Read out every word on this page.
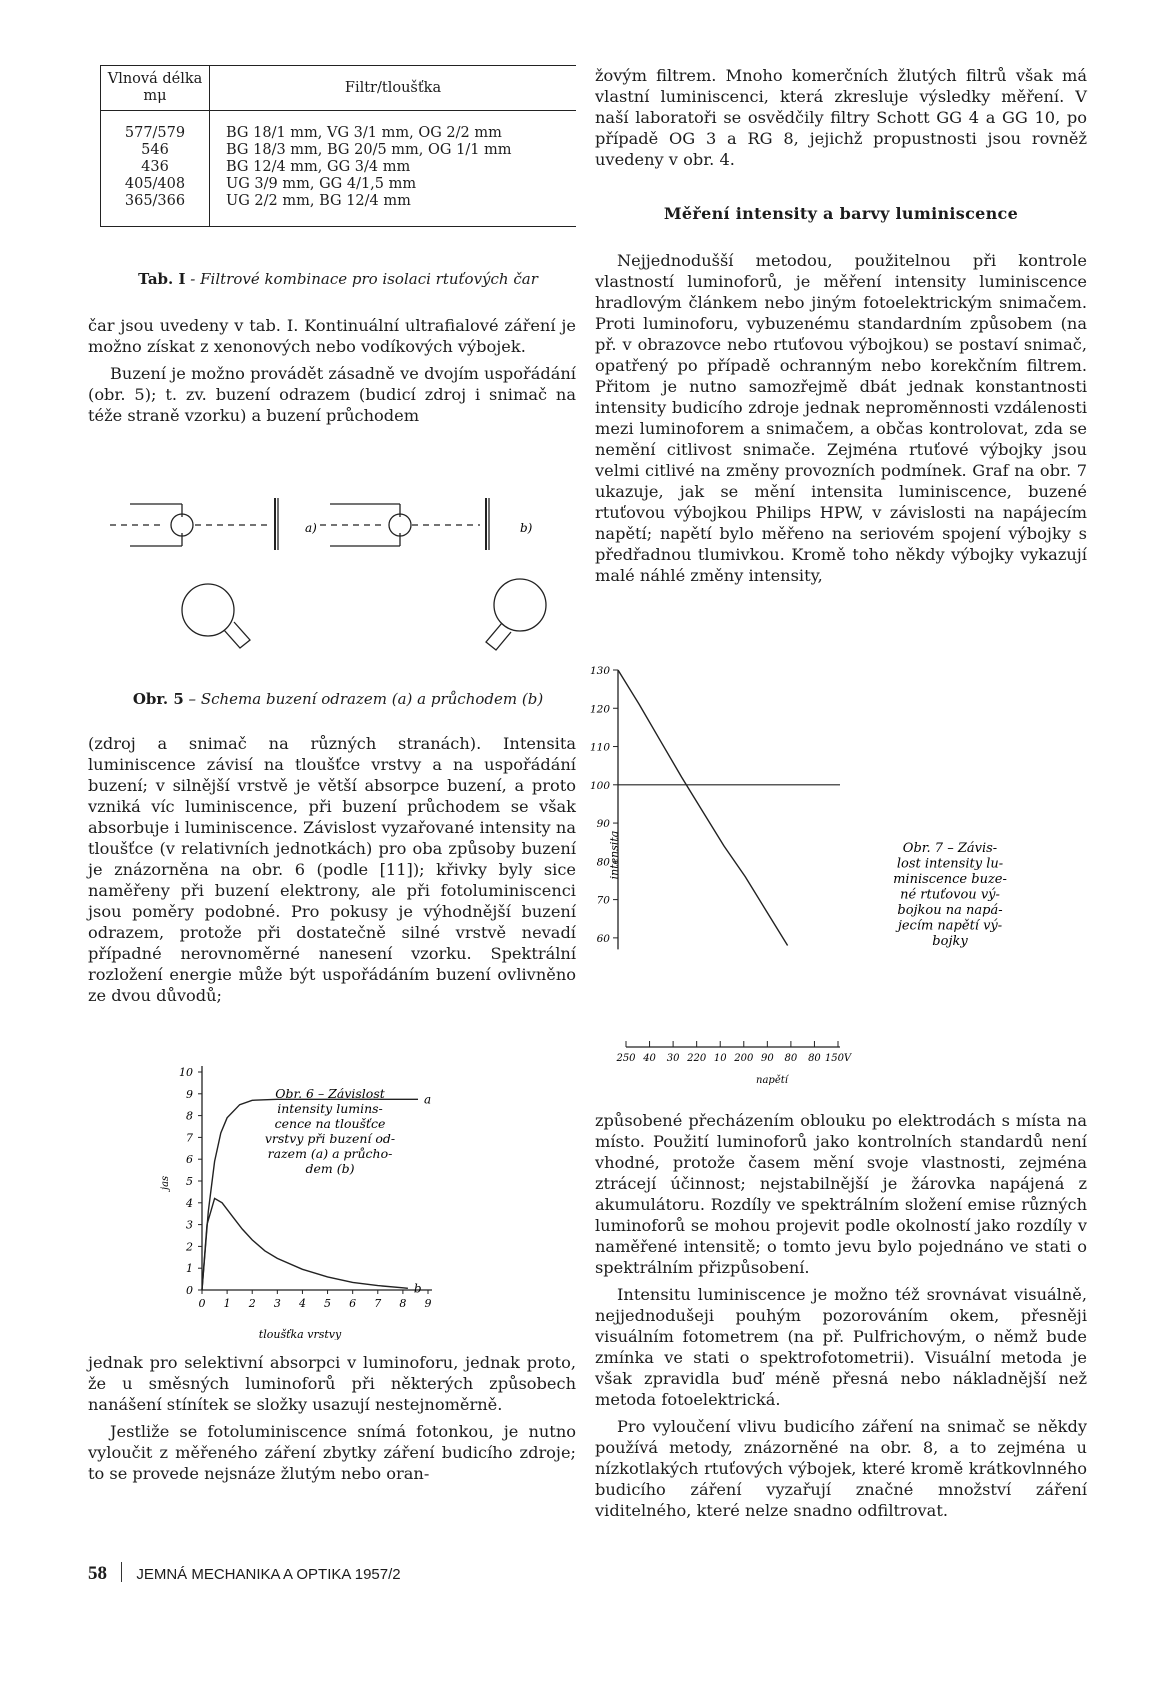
Vlnová délka mμ	Filtr/tloušťka

577/579	BG 18/1 mm, VG 3/1 mm, OG 2/2 mm
546	BG 18/3 mm, BG 20/5 mm, OG 1/1 mm
436	BG 12/4 mm, GG 3/4 mm
405/408	UG 3/9 mm, GG 4/1,5 mm
365/366	UG 2/2 mm, BG 12/4 mm

Tab. I - Filtrové kombinace pro isolaci rtuťových čar

čar jsou uvedeny v tab. I. Kontinuální ultrafialové záření je možno získat z xenonových nebo vodíkových výbojek.

Buzení je možno provádět zásadně ve dvojím uspořádání (obr. 5); t. zv. buzení odrazem (budicí zdroj i snimač na téže straně vzorku) a buzení průchodem

a)	b)
Obr. 5 – Schema buzení odrazem (a) a průchodem (b)

(zdroj a snimač na různých stranách). Intensita luminiscence závisí na tloušťce vrstvy a na uspořádání buzení; v silnější vrstvě je větší absorpce buzení, a proto vzniká víc luminiscence, při buzení průchodem se však absorbuje i luminiscence. Závislost vyzařované intensity na tloušťce (v relativních jednotkách) pro oba způsoby buzení je znázorněna na obr. 6 (podle [11]); křivky byly sice naměřeny při buzení elektrony, ale při fotoluminiscenci jsou poměry podobné. Pro pokusy je výhodnější buzení odrazem, protože při dostatečně silné vrstvě nevadí případné nerovnoměrné nanesení vzorku. Spektrální rozložení energie může být uspořádáním buzení ovlivněno ze dvou důvodů;

jas
tloušťka vrstvy
Obr. 6 – Závislost
intensity lumins-
cence na tloušťce
vrstvy při buzení od-
razem (a) a průcho-
dem (b)
0
1
2
3
4
5
6
7
8
9
10
0 1 2 3 4 5 6 7 8 9
a
b

jednak pro selektivní absorpci v luminoforu, jednak proto, že u směsných luminoforů při některých způsobech nanášení stínítek se složky usazují nestejnoměrně.

Jestliže se fotoluminiscence snímá fotonkou, je nutno vyloučit z měřeného záření zbytky záření budicího zdroje; to se provede nejsnáze žlutým nebo oran-

žovým filtrem. Mnoho komerčních žlutých filtrů však má vlastní luminiscenci, která zkresluje výsledky měření. V naší laboratoři se osvědčily filtry Schott GG 4 a GG 10, po případě OG 3 a RG 8, jejichž propustnosti jsou rovněž uvedeny v obr. 4.

Měření intensity a barvy luminiscence

Nejjednodušší metodou, použitelnou při kontrole vlastností luminoforů, je měření intensity luminiscence hradlovým článkem nebo jiným fotoelektrickým snimačem. Proti luminoforu, vybuzenému standardním způsobem (na př. v obrazovce nebo rtuťovou výbojkou) se postaví snimač, opatřený po případě ochranným nebo korekčním filtrem. Přitom je nutno samozřejmě dbát jednak konstantnosti intensity budicího zdroje jednak neproměnnosti vzdálenosti mezi luminoforem a snimačem, a občas kontrolovat, zda se nemění citlivost snimače. Zejména rtuťové výbojky jsou velmi citlivé na změny provozních podmínek. Graf na obr. 7 ukazuje, jak se mění intensita luminiscence, buzené rtuťovou výbojkou Philips HPW, v závislosti na napájecím napětí; napětí bylo měřeno na seriovém spojení výbojky s předřadnou tlumivkou. Kromě toho někdy výbojky vykazují malé náhlé změny intensity,

intensita
napětí
Obr. 7 – Závis-
lost intensity lu-
miniscence buze-
né rtuťovou vý-
bojkou na napá-
jecím napětí vý-
bojky
60
70
80
90
100
110
120
130
250 40 30 220 10 200 90 80 80 150V

způsobené přecházením oblouku po elektrodách s místa na místo. Použití luminoforů jako kontrolních standardů není vhodné, protože časem mění svoje vlastnosti, zejména ztrácejí účinnost; nejstabilnější je žárovka napájená z akumulátoru. Rozdíly ve spektrálním složení emise různých luminoforů se mohou projevit podle okolností jako rozdíly v naměřené intensitě; o tomto jevu bylo pojednáno ve stati o spektrálním přizpůsobení.

Intensitu luminiscence je možno též srovnávat visuálně, nejjednodušeji pouhým pozorováním okem, přesněji visuálním fotometrem (na př. Pulfrichovým, o němž bude zmínka ve stati o spektrofotometrii). Visuální metoda je však zpravidla buď méně přesná nebo nákladnější než metoda fotoelektrická.

Pro vyloučení vlivu budicího záření na snimač se někdy používá metody, znázorněné na obr. 8, a to zejména u nízkotlakých rtuťových výbojek, které kromě krátkovlnného budicího záření vyzařují značné množství záření viditelného, které nelze snadno odfiltrovat.

58 JEMNÁ MECHANIKA A OPTIKA 1957/2
